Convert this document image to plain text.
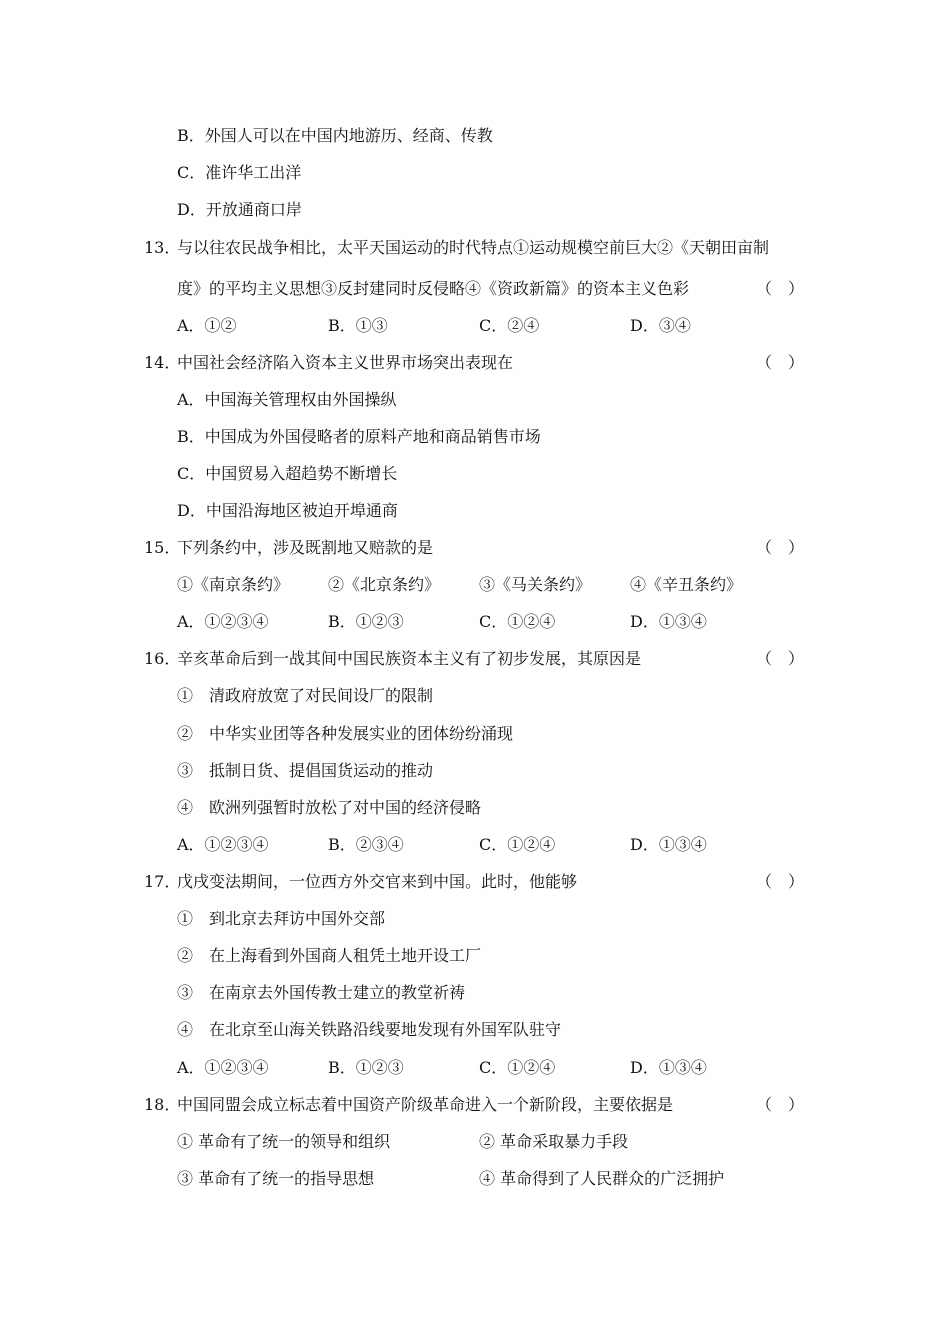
B．外国人可以在中国内地游历、经商、传教
C．准许华工出洋
D．开放通商口岸
13．
与以往农民战争相比，太平天国运动的时代特点①运动规模空前巨大②《天朝田亩制
度》的平均主义思想③反封建同时反侵略④《资政新篇》的资本主义色彩	（　）
A．①②	B．①③	C．②④	D．③④
14．
中国社会经济陷入资本主义世界市场突出表现在	（　）
A．中国海关管理权由外国操纵
B．中国成为外国侵略者的原料产地和商品销售市场
C．中国贸易入超趋势不断增长
D．中国沿海地区被迫开埠通商
15．
下列条约中，涉及既割地又赔款的是	（　）
①《南京条约》 ②《北京条约》 ③《马关条约》 ④《辛丑条约》
A．①②③④	B．①②③	C．①②④	D．①③④
16．
辛亥革命后到一战其间中国民族资本主义有了初步发展，其原因是	（　）
①　清政府放宽了对民间设厂的限制
②　中华实业团等各种发展实业的团体纷纷涌现
③　抵制日货、提倡国货运动的推动
④　欧洲列强暂时放松了对中国的经济侵略
A．①②③④	B．②③④	C．①②④	D．①③④
17．
戊戌变法期间，一位西方外交官来到中国。此时，他能够	（　）
①　到北京去拜访中国外交部
②　在上海看到外国商人租凭土地开设工厂
③　在南京去外国传教士建立的教堂祈祷
④　在北京至山海关铁路沿线要地发现有外国军队驻守
A．①②③④	B．①②③	C．①②④	D．①③④
18．
中国同盟会成立标志着中国资产阶级革命进入一个新阶段，主要依据是	（　）
① 革命有了统一的领导和组织	② 革命采取暴力手段
③ 革命有了统一的指导思想	④ 革命得到了人民群众的广泛拥护
